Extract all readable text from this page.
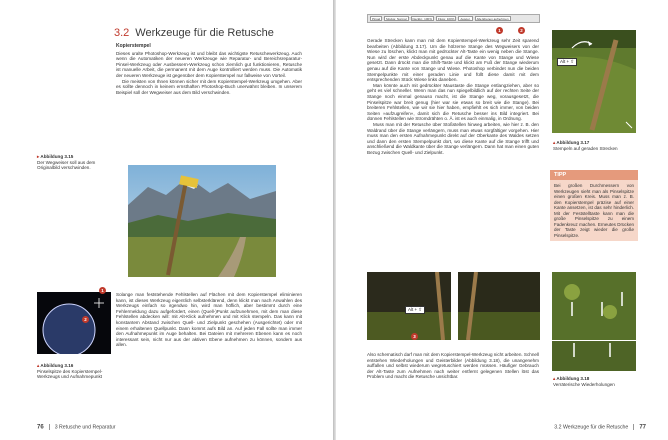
3.2 Werkzeuge für die Retusche
Kopierstempel

Dieses uralte Photoshop-Werkzeug ist und bleibt das wichtigste Retuschewerkzeug. Auch wenn die Automatiken der neueren Werkzeuge wie Reparatur- und Bereichsreparatur-Pinsel-Werkzeug oder Ausbessern-Werkzeug schon ziemlich gut funktionieren, Retusche ist manuelle Arbeit, die permanent mit dem Auge kontrolliert werden muss. Die Automatik der neueren Werkzeuge ist gegenüber dem Kopierstempel nur fallweise von Vorteil.

Die meisten von Ihnen können sicher mit dem Kopierstempel-Werkzeug umgehen. Aber es sollte dennoch in keinem ernsthaften Photoshop-Buch unerwähnt bleiben. In unserem Beispiel soll der Wegweiser aus dem Bild verschwinden.

▸ Abbildung 3.15
Der Wegweiser soll aus dem Originalbild verschwinden.
1
2
▴ Abbildung 3.16
Pinselspitze des Kopierstempel-Werkzeugs und Aufnahmepunkt

Solange man feststehende Fehlstellen auf Flächen mit dem Kopierstempel eliminieren kann, ist dieses Werkzeug eigentlich selbsterklärend, denn klickt man nach Anwahlen des Werkzeugs einfach so irgendwo hin, wird man höflich, aber bestimmt durch eine Fehlermeldung dazu aufgefordert, einen (Quell-)Punkt aufzunehmen, mit dem man diese Fehlstellen abdecken will: mit Alt-Klick aufnehmen und mit Klick stempeln. Das kann mit konstantem Abstand zwischen Quell- und Zielpunkt geschehen (Ausgerichtet) oder mit einem erhaltenen Quellpunkt. Dann kommt aufs Bild an. Auf jeden Fall sollte man immer den Aufnahmepunkt im Auge behalten. Bei Dateien mit mehreren Ebenen kann es noch interessant sein, nicht nur aus der aktiven Ebene aufnehmen zu können, sondern aus allen.

76 3 Retusche und Reparatur
Pinsel	Modus: Normal	Deckkr.: 100%	Fluss: 100%	Ausger.	Alle Ebenen aufnehmen
1	2

Gerade Strecken kann man mit dem Kopierstempel-Werkzeug sehr Zeit sparend bearbeiten (Abbildung 3.17). Um die hölzerne Stange des Wegweisers von der Wiese zu löschen, klickt man mit gedrückter Alt-Taste ein wenig neben die Stange. Nun wird der erste Abdeckpunkt genau auf die Kante von Stange und Wiese gesetzt. Dann drückt man die Shift-Taste und klickt am Fuß der Stange wiederum genau auf die Kante von Stange und Wiese. Photoshop verbindet nun die beiden Stempelpunkte mit einer geraden Linie und füllt diese damit mit dem entsprechenden Stück Wiese links daneben.

Man könnte auch mit gedrückter Maustaste die Stange entlangziehen, aber so geht es viel schneller. Wenn man das nun spiegelbildlich auf der rechten Seite der Stange noch einmal genauso macht, ist die Stange weg, vorausgesetzt, die Pinselspitze war breit genug (hier war sie etwas so breit wie die Stange). Bei breiteren Fehlstellen, wie wir sie hier haben, empfiehlt es sich immer, von beiden Seiten »aufzugreifen«, damit sich die Retusche besser ins Bild integriert. Bei dünnen Fehlstellen wie Stromdrähten o. Ä. ist es auch einmalig, in Ordnung.

Muss man mit der Retusche über Stoßstellen hinweg arbeiten, wie hier z. B. den Waldrand über die Stange verlängern, muss man etwas sorgfältiger vorgehen. Hier muss man den ersten Aufnahmepunkt direkt auf der Oberkante des Waldes setzen und dann den ersten Stempelpunkt dort, wo diese Kante auf die Stange trifft und anschließend die Waldkante über die Stange verlängern. Dann hat man einen guten Bezug zwischen Quell- und Zielpunkt.

Alt + ⇧
▴ Abbildung 3.17
Stempeln auf geraden Strecken
TIPP
Bei großen Durchmessern von Werkzeugen sieht man als Pinselspitze einen großen Kreis. Muss man z. B. den Kopierstempel präzise auf einer Kante ansetzen, ist das sehr hinderlich. Mit der Feststelltaste kann man die große Pinselspitze zu einem Fadenkreuz machen. Erneutes Drücken der Taste zeigt wieder die große Pinselspitze.
Alt + ⇧
3

Also schematisch darf man mit dem Kopierstempel-Werkzeug nicht arbeiten. Schnell entstehen Wiederholungen und Geisterbilder (Abbildung 3.18), die unangenehm auffallen und selbst wiederum wegretuschiert werden müssen. Häufiger Gebrauch der Alt-Taste zum Aufnehmen nach weiter entfernt gelegenen Stellen löst das Problem und macht die Retusche unsichtbar.	▴ Abbildung 3.18
Verräterische Wiederholungen
3.2 Werkzeuge für die Retusche 77
